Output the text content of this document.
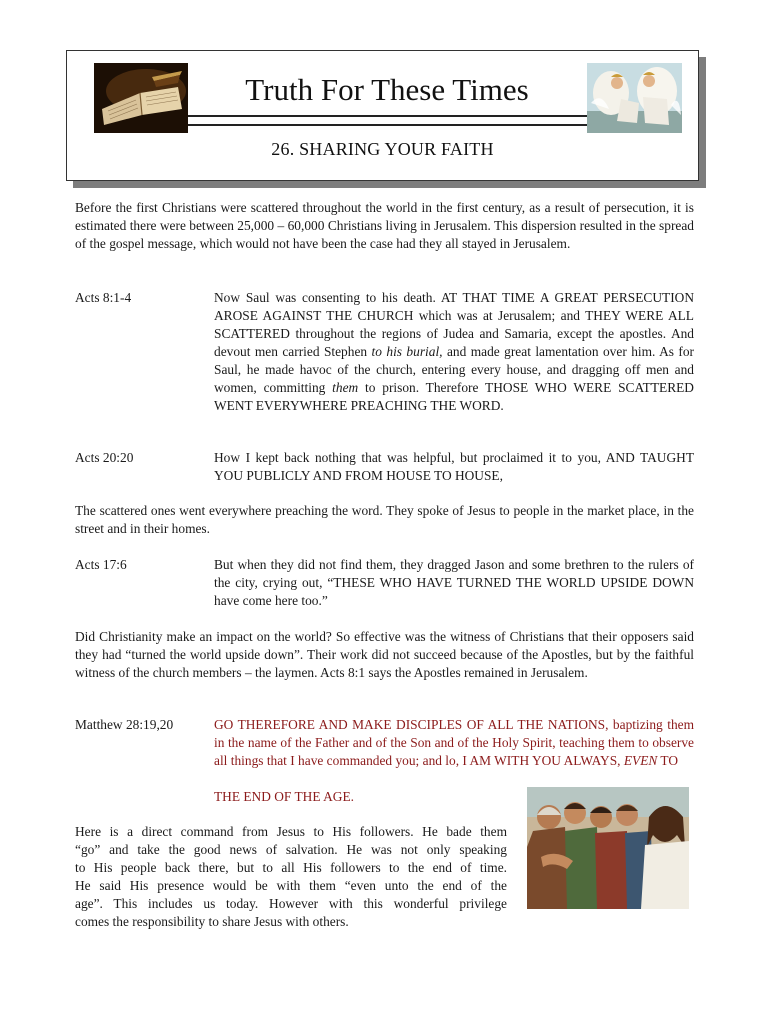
Truth For These Times
26. SHARING YOUR FAITH

Before the first Christians were scattered throughout the world in the first century, as a result of persecution, it is estimated there were between 25,000 – 60,000 Christians living in Jerusalem. This dispersion resulted in the spread of the gospel message, which would not have been the case had they all stayed in Jerusalem.

Acts 8:1-4	Now Saul was consenting to his death. AT THAT TIME A GREAT PERSECUTION AROSE AGAINST THE CHURCH which was at Jerusalem; and THEY WERE ALL SCATTERED throughout the regions of Judea and Samaria, except the apostles. And devout men carried Stephen to his burial, and made great lamentation over him. As for Saul, he made havoc of the church, entering every house, and dragging off men and women, committing them to prison. Therefore THOSE WHO WERE SCATTERED WENT EVERYWHERE PREACHING THE WORD.

Acts 20:20	How I kept back nothing that was helpful, but proclaimed it to you, AND TAUGHT YOU PUBLICLY AND FROM HOUSE TO HOUSE,

The scattered ones went everywhere preaching the word. They spoke of Jesus to people in the market place, in the street and in their homes.

Acts 17:6	But when they did not find them, they dragged Jason and some brethren to the rulers of the city, crying out, “THESE WHO HAVE TURNED THE WORLD UPSIDE DOWN have come here too.”

Did Christianity make an impact on the world? So effective was the witness of Christians that their opposers said they had “turned the world upside down”. Their work did not succeed because of the Apostles, but by the faithful witness of the church members – the laymen. Acts 8:1 says the Apostles remained in Jerusalem.

Matthew 28:19,20	GO THEREFORE AND MAKE DISCIPLES OF ALL THE NATIONS, baptizing them in the name of the Father and of the Son and of the Holy Spirit, teaching them to observe all things that I have commanded you; and lo, I AM WITH YOU ALWAYS, EVEN TO

THE END OF THE AGE.
Here is a direct command from Jesus to His followers. He bade them
“go” and take the good news of salvation. He was not only speaking
to His people back there, but to all His followers to the end of time.
He said His presence would be with them “even unto the end of the
age”. This includes us today. However with this wonderful privilege
comes the responsibility to share Jesus with others.
